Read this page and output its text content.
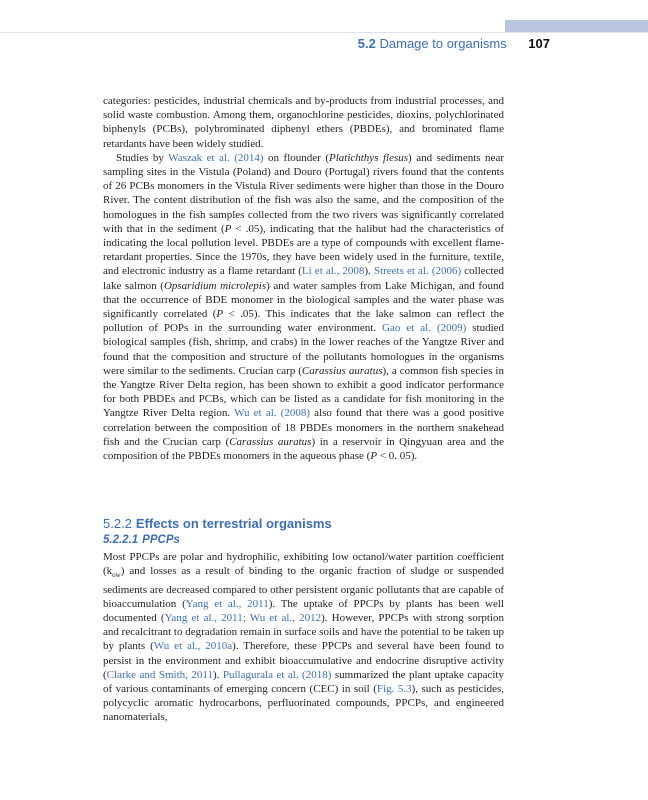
5.2 Damage to organisms 107

categories: pesticides, industrial chemicals and by-products from industrial processes, and solid waste combustion. Among them, organochlorine pesticides, dioxins, polychlorinated biphenyls (PCBs), polybrominated diphenyl ethers (PBDEs), and brominated flame retardants have been widely studied.

Studies by Waszak et al. (2014) on flounder (Platichthys flesus) and sediments near sampling sites in the Vistula (Poland) and Douro (Portugal) rivers found that the contents of 26 PCBs monomers in the Vistula River sediments were higher than those in the Douro River. The content distribution of the fish was also the same, and the composition of the homologues in the fish samples collected from the two rivers was significantly correlated with that in the sediment (P < .05), indicating that the halibut had the characteristics of indicating the local pollution level. PBDEs are a type of compounds with excellent flame-retardant properties. Since the 1970s, they have been widely used in the furniture, textile, and electronic industry as a flame retardant (Li et al., 2008). Streets et al. (2006) collected lake salmon (Opsaridium microlepis) and water samples from Lake Michigan, and found that the occurrence of BDE monomer in the biological samples and the water phase was significantly correlated (P < .05). This indicates that the lake salmon can reflect the pollution of POPs in the surrounding water environment. Gao et al. (2009) studied biological samples (fish, shrimp, and crabs) in the lower reaches of the Yangtze River and found that the composition and structure of the pollutants homologues in the organisms were similar to the sediments. Crucian carp (Carassius auratus), a common fish species in the Yangtze River Delta region, has been shown to exhibit a good indicator performance for both PBDEs and PCBs, which can be listed as a candidate for fish monitoring in the Yangtze River Delta region. Wu et al. (2008) also found that there was a good positive correlation between the composition of 18 PBDEs monomers in the northern snakehead fish and the Crucian carp (Carassius auratus) in a reservoir in Qingyuan area and the composition of the PBDEs monomers in the aqueous phase (P < 0. 05).

5.2.2 Effects on terrestrial organisms
5.2.2.1 PPCPs

Most PPCPs are polar and hydrophilic, exhibiting low octanol/water partition coefficient $(k_{ow})$ and losses as a result of binding to the organic fraction of sludge or suspended sediments are decreased compared to other persistent organic pollutants that are capable of bioaccumulation (Yang et al., 2011). The uptake of PPCPs by plants has been well documented (Yang et al., 2011; Wu et al., 2012). However, PPCPs with strong sorption and recalcitrant to degradation remain in surface soils and have the potential to be taken up by plants (Wu et al., 2010a). Therefore, these PPCPs and several have been found to persist in the environment and exhibit bioaccumulative and endocrine disruptive activity (Clarke and Smith, 2011). Pullagurala et al. (2018) summarized the plant uptake capacity of various contaminants of emerging concern (CEC) in soil (Fig. 5.3), such as pesticides, polycyclic aromatic hydrocarbons, perfluorinated compounds, PPCPs, and engineered nanomaterials,
